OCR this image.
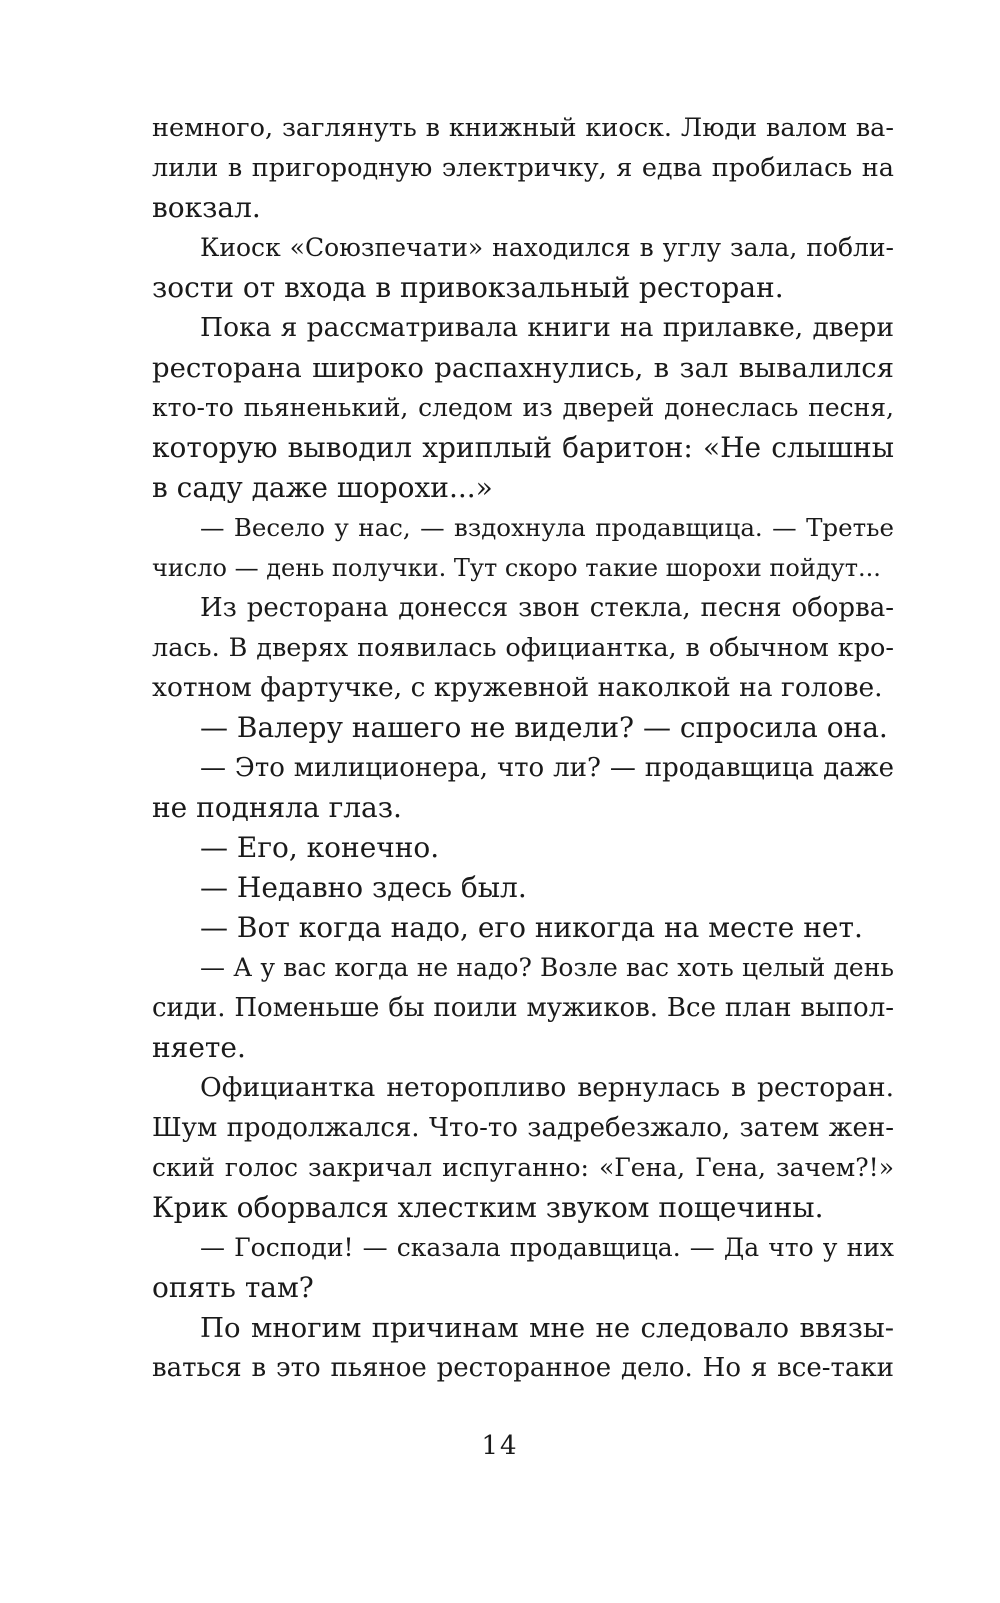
немного, заглянуть в книжный киоск. Люди валом ва-
лили в пригородную электричку, я едва пробилась на
вокзал.
Киоск «Союзпечати» находился в углу зала, побли-
зости от входа в привокзальный ресторан.
Пока я рассматривала книги на прилавке, двери
ресторана широко распахнулись, в зал вывалился
кто-то пьяненький, следом из дверей донеслась песня,
которую выводил хриплый баритон: «Не слышны
в саду даже шорохи...»
— Весело у нас, — вздохнула продавщица. — Третье
число — день получки. Тут скоро такие шорохи пойдут...
Из ресторана донесся звон стекла, песня оборва-
лась. В дверях появилась официантка, в обычном кро-
хотном фартучке, с кружевной наколкой на голове.
— Валеру нашего не видели? — спросила она.
— Это милиционера, что ли? — продавщица даже
не подняла глаз.
— Его, конечно.
— Недавно здесь был.
— Вот когда надо, его никогда на месте нет.
— А у вас когда не надо? Возле вас хоть целый день
сиди. Поменьше бы поили мужиков. Все план выпол-
няете.
Официантка неторопливо вернулась в ресторан.
Шум продолжался. Что-то задребезжало, затем жен-
ский голос закричал испуганно: «Гена, Гена, зачем?!»
Крик оборвался хлестким звуком пощечины.
— Господи! — сказала продавщица. — Да что у них
опять там?
По многим причинам мне не следовало ввязы-
ваться в это пьяное ресторанное дело. Но я все-таки
14
